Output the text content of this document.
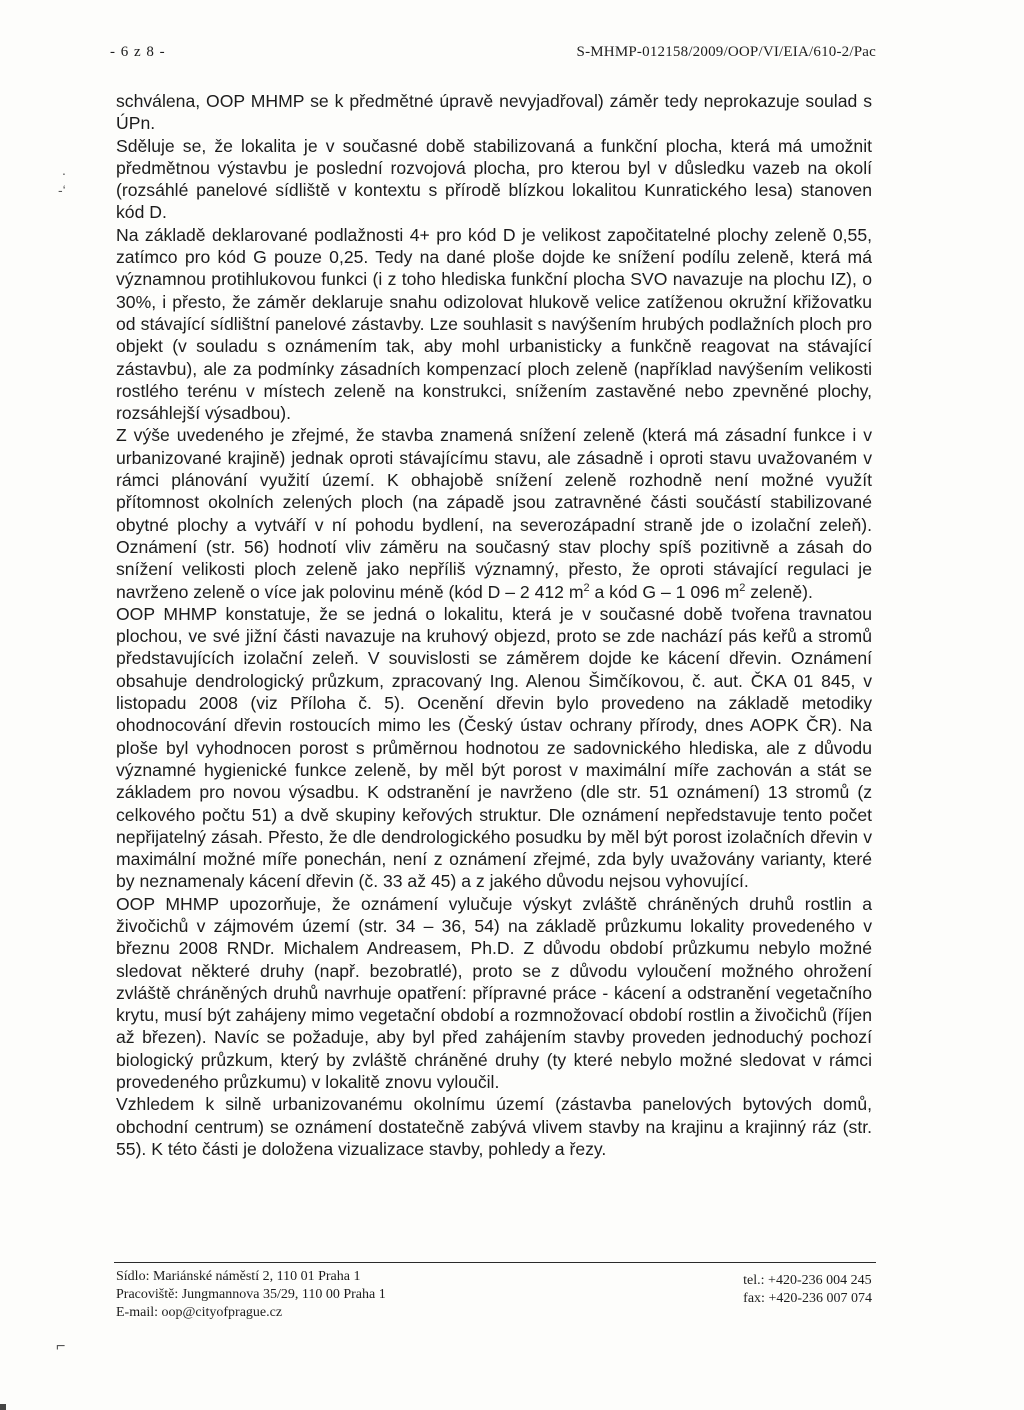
- 6 z 8 -	S-MHMP-012158/2009/OOP/VI/EIA/610-2/Pac
.
-‘

schválena, OOP MHMP se k předmětné úpravě nevyjadřoval) záměr tedy neprokazuje soulad s ÚPn.

Sděluje se, že lokalita je v současné době stabilizovaná a funkční plocha, která má umožnit předmětnou výstavbu je poslední rozvojová plocha, pro kterou byl v důsledku vazeb na okolí (rozsáhlé panelové sídliště v kontextu s přírodě blízkou lokalitou Kunratického lesa) stanoven kód D.

Na základě deklarované podlažnosti 4+ pro kód D je velikost započitatelné plochy zeleně 0,55, zatímco pro kód G pouze 0,25. Tedy na dané ploše dojde ke snížení podílu zeleně, která má významnou protihlukovou funkci (i z toho hlediska funkční plocha SVO navazuje na plochu IZ), o 30%, i přesto, že záměr deklaruje snahu odizolovat hlukově velice zatíženou okružní křižovatku od stávající sídlištní panelové zástavby. Lze souhlasit s navýšením hrubých podlažních ploch pro objekt (v souladu s oznámením tak, aby mohl urbanisticky a funkčně reagovat na stávající zástavbu), ale za podmínky zásadních kompenzací ploch zeleně (například navýšením velikosti rostlého terénu v místech zeleně na konstrukci, snížením zastavěné nebo zpevněné plochy, rozsáhlejší výsadbou).

Z výše uvedeného je zřejmé, že stavba znamená snížení zeleně (která má zásadní funkce i v urbanizované krajině) jednak oproti stávajícímu stavu, ale zásadně i oproti stavu uvažovaném v rámci plánování využití území. K obhajobě snížení zeleně rozhodně není možné využít přítomnost okolních zelených ploch (na západě jsou zatravněné části součástí stabilizované obytné plochy a vytváří v ní pohodu bydlení, na severozápadní straně jde o izolační zeleň). Oznámení (str. 56) hodnotí vliv záměru na současný stav plochy spíš pozitivně a zásah do snížení velikosti ploch zeleně jako nepříliš významný, přesto, že oproti stávající regulaci je navrženo zeleně o více jak polovinu méně (kód D – 2 412 $m^2$ a kód G – 1 096 $m^2$ zeleně).

OOP MHMP konstatuje, že se jedná o lokalitu, která je v současné době tvořena travnatou plochou, ve své jižní části navazuje na kruhový objezd, proto se zde nachází pás keřů a stromů představujících izolační zeleň. V souvislosti se záměrem dojde ke kácení dřevin. Oznámení obsahuje dendrologický průzkum, zpracovaný Ing. Alenou Šimčíkovou, č. aut. ČKA 01 845, v listopadu 2008 (viz Příloha č. 5). Ocenění dřevin bylo provedeno na základě metodiky ohodnocování dřevin rostoucích mimo les (Český ústav ochrany přírody, dnes AOPK ČR). Na ploše byl vyhodnocen porost s průměrnou hodnotou ze sadovnického hlediska, ale z důvodu významné hygienické funkce zeleně, by měl být porost v maximální míře zachován a stát se základem pro novou výsadbu. K odstranění je navrženo (dle str. 51 oznámení) 13 stromů (z celkového počtu 51) a dvě skupiny keřových struktur. Dle oznámení nepředstavuje tento počet nepřijatelný zásah. Přesto, že dle dendrologického posudku by měl být porost izolačních dřevin v maximální možné míře ponechán, není z oznámení zřejmé, zda byly uvažovány varianty, které by neznamenaly kácení dřevin (č. 33 až 45) a z jakého důvodu nejsou vyhovující.

OOP MHMP upozorňuje, že oznámení vylučuje výskyt zvláště chráněných druhů rostlin a živočichů v zájmovém území (str. 34 – 36, 54) na základě průzkumu lokality provedeného v březnu 2008 RNDr. Michalem Andreasem, Ph.D. Z důvodu období průzkumu nebylo možné sledovat některé druhy (např. bezobratlé), proto se z důvodu vyloučení možného ohrožení zvláště chráněných druhů navrhuje opatření: přípravné práce - kácení a odstranění vegetačního krytu, musí být zahájeny mimo vegetační období a rozmnožovací období rostlin a živočichů (říjen až březen). Navíc se požaduje, aby byl před zahájením stavby proveden jednoduchý pochozí biologický průzkum, který by zvláště chráněné druhy (ty které nebylo možné sledovat v rámci provedeného průzkumu) v lokalitě znovu vyloučil.

Vzhledem k silně urbanizovanému okolnímu území (zástavba panelových bytových domů, obchodní centrum) se oznámení dostatečně zabývá vlivem stavby na krajinu a krajinný ráz (str. 55). K této části je doložena vizualizace stavby, pohledy a řezy.

Sídlo: Mariánské náměstí 2, 110 01 Praha 1
Pracoviště: Jungmannova 35/29, 110 00 Praha 1
E-mail: oop@cityofprague.cz
tel.: +420-236 004 245
fax: +420-236 007 074
⌐
